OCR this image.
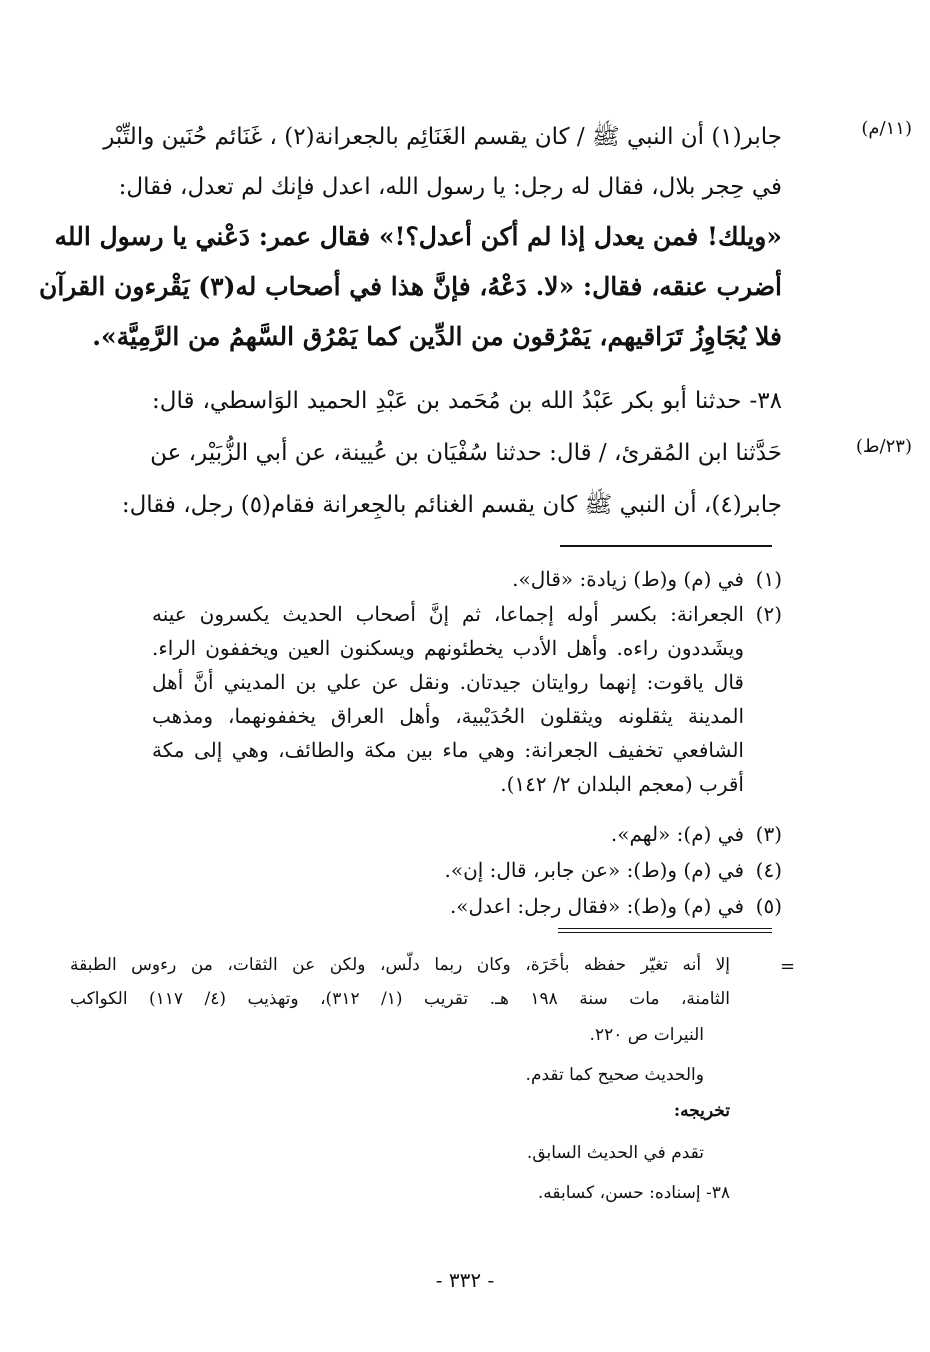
(١١/م)
(٢٣/ط)
جابر(١) أن النبي ﷺ / كان يقسم الغَنَائِم بالجعرانة(٢) ، غَنَائم حُنَين والتِّبْر
في حِجر بلال، فقال له رجل: يا رسول الله، اعدل فإنك لم تعدل، فقال:
«ويلك! فمن يعدل إذا لم أكن أعدل؟!» فقال عمر: دَعْني يا رسول الله
أضرب عنقه، فقال: «لا. دَعْهُ، فإنَّ هذا في أصحاب له(٣) يَقْرءون القرآن
فلا يُجَاوِزُ تَرَاقيهم، يَمْرُقون من الدِّين كما يَمْرُق السَّهمُ من الرَّمِيَّة».
٣٨- حدثنا أبو بكر عَبْدُ الله بن مُحَمد بن عَبْدِ الحميد الوَاسطي، قال:
حَدَّثنا ابن المُقرئ، / قال: حدثنا سُفْيَان بن عُيينة، عن أبي الزُّبَيْر، عن
جابر(٤)، أن النبي ﷺ كان يقسم الغنائم بالجِعرانة فقام(٥) رجل، فقال:
(١)في (م) و(ط) زيادة: «قال».
(٢)الجعرانة: بكسر أوله إجماعا، ثم إنَّ أصحاب الحديث يكسرون عينه
ويشَددون راءه. وأهل الأدب يخطئونهم ويسكنون العين ويخففون الراء.
قال ياقوت: إنهما روايتان جيدتان. ونقل عن علي بن المديني أنَّ أهل
المدينة يثقلونه ويثقلون الحُدَيْبية، وأهل العراق يخففونهما، ومذهب
الشافعي تخفيف الجعرانة: وهي ماء بين مكة والطائف، وهي إلى مكة
أقرب (معجم البلدان ٢/ ١٤٢).
(٣)في (م): «لهم».
(٤)في (م) و(ط): «عن جابر، قال: إن».
(٥)في (م) و(ط): «فقال رجل: اعدل».
=
إلا أنه تغيّر حفظه بأخَرَة، وكان ربما دلّس، ولكن عن الثقات، من رءوس الطبقة
الثامنة، مات سنة ١٩٨ هـ. تقريب (١/ ٣١٢)، وتهذيب (٤/ ١١٧) الكواكب
النيرات ص ٢٢٠.
والحديث صحيح كما تقدم.
تخريجه:
تقدم في الحديث السابق.
٣٨- إسناده: حسن، كسابقه.
- ٣٣٢ -
